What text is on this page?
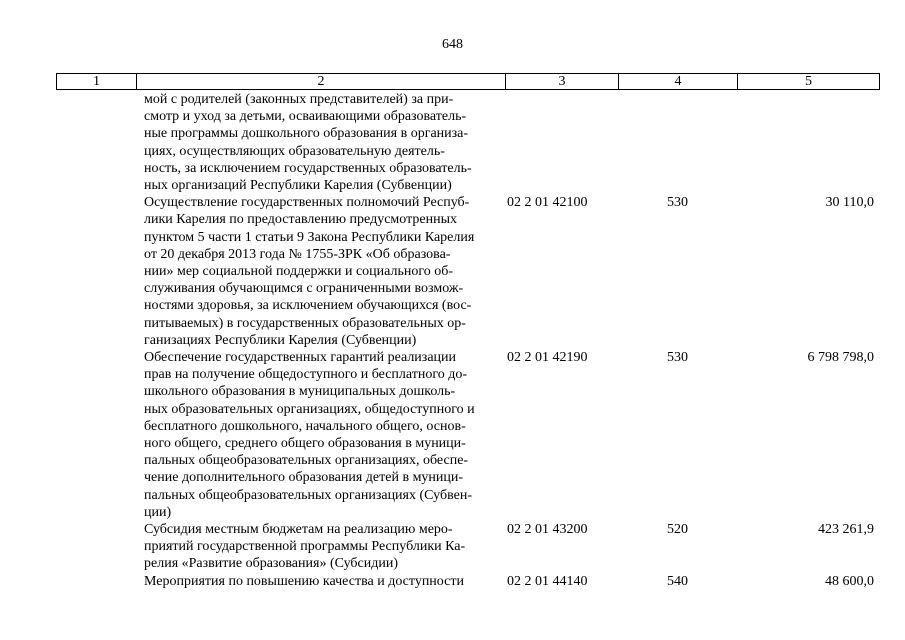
648
1	2	3	4	5
мой с родителей (законных представителей) за при-
смотр и уход за детьми, осваивающими образователь-
ные программы дошкольного образования в организа-
циях, осуществляющих образовательную деятель-
ность, за исключением государственных образователь-
ных организаций Республики Карелия (Субвенции)
Осуществление государственных полномочий Респуб-
лики Карелия по предоставлению предусмотренных
пунктом 5 части 1 статьи 9 Закона Республики Карелия
от 20 декабря 2013 года № 1755-ЗРК «Об образова-
нии» мер социальной поддержки и социального об-
служивания обучающимся с ограниченными возмож-
ностями здоровья, за исключением обучающихся (вос-
питываемых) в государственных образовательных ор-
ганизациях Республики Карелия (Субвенции)
02 2 01 42100	530	30 110,0
Обеспечение государственных гарантий реализации
прав на получение общедоступного и бесплатного до-
школьного образования в муниципальных дошколь-
ных образовательных организациях, общедоступного и
бесплатного дошкольного, начального общего, основ-
ного общего, среднего общего образования в муници-
пальных общеобразовательных организациях, обеспе-
чение дополнительного образования детей в муници-
пальных общеобразовательных организациях (Субвен-
ции)
02 2 01 42190	530	6 798 798,0
Субсидия местным бюджетам на реализацию меро-
приятий государственной программы Республики Ка-
релия «Развитие образования» (Субсидии)
02 2 01 43200	520	423 261,9
Мероприятия по повышению качества и доступности	02 2 01 44140	540	48 600,0
